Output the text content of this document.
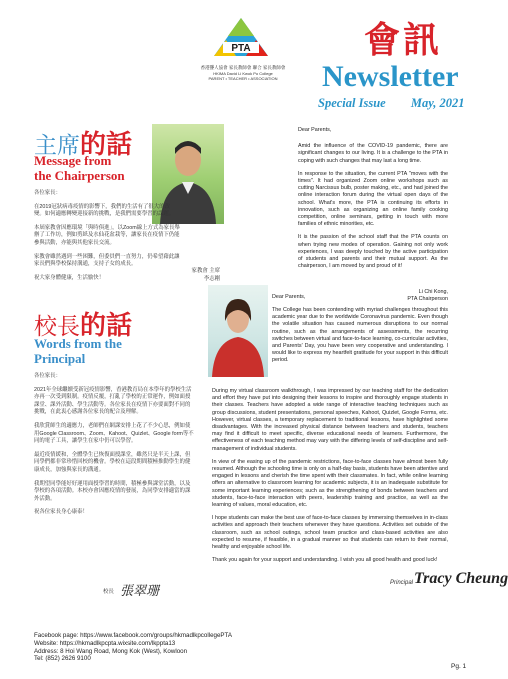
PTA
香港聾人協會 家長教師會 聯合 家長教師會
HKIMA David Li Kwok Po College
PARENT • TEACHER • ASSOCIATION
會訊
Newsletter
Special Issue May, 2021
主席的話
Message from
the Chairperson

各位家長：

在2019冠狀病毒疫情的影響下，我們的生活有了很大的改變。如何適應轉變迎接新的挑戰，是我們需要學習的課題。

本屆家教會因應環境「與時俱進」，以Zoom線上方式為家長舉辦了工作坊，例如剪紙及水仙花盆栽等，讓家長在疫情下仍能參與活動，亦能與其他家長交流。

家教會雖然遇到一些困難，但委員們一直努力，仍希望藉此讓家長們與學校保持溝通，支持子女的成長。

祝大家身體健康，生活愉快！

家教會 主席
李志剛

Dear Parents,

Amid the influence of the COVID-19 pandemic, there are significant changes to our living. It is a challenge to the PTA in coping with such changes that may last a long time.

In response to the situation, the current PTA "moves with the times". It had organized Zoom online workshops such as cutting Narcissus bulb, poster making, etc., and had joined the online interaction forum during the virtual open days of the school. What's more, the PTA is continuing its efforts in innovation, such as organizing an online family cooking competition, online seminars, getting in touch with more families of ethnic minorities, etc.

It is the passion of the school staff that the PTA counts on when trying new modes of operation. Gaining not only work experiences, I was deeply touched by the active participation of students and parents and their mutual support. As the chairperson, I am moved by and proud of it!

Li Chi Kong,
PTA Chairperson
校長的話
Words from the
Principal

各位家長：

2021年全球繼續受新冠疫情影響，香港教育局在本學年的學校生活亦再一次受到限制。疫情反覆，打亂了學校的正常運作，例如面授課堂、課外活動、學生活動等。各位家長在疫情下亦要面對不同的挑戰，在此衷心感謝各位家長的配合及理解。

我欣賞師生的適應力，老師們在網課安排上花了不少心思，例如使用Google Classroom、Zoom、Kahoot、Quizlet、Google form等不同的電子工具，讓學生在家中仍可以學習。

最近疫情緩和，全體學生已恢復面授課堂，雖然只是半天上課，但同學們都非常珍惜回校的機會。學校在這段期間積極推動學生的健康成長，加強與家長的溝通。

我期望同學能好好運用面授學習的時間，積極參與課堂活動，以及學校的各項活動。本校亦會因應疫情的發展，為同學安排適當的課外活動。

祝各位家長身心康泰！

校長 張翠珊

Dear Parents,

The College has been contending with myriad challenges throughout this academic year due to the worldwide Coronavirus pandemic. Even though the volatile situation has caused numerous disruptions to our normal routine, such as the arrangements of assessments, the recurring switches between virtual and face-to-face learning, co-curricular activities, and Parents' Day, you have been very cooperative and understanding. I would like to express my heartfelt gratitude for your support in this difficult period.

During my virtual classroom walkthrough, I was impressed by our teaching staff for the dedication and effort they have put into designing their lessons to inspire and thoroughly engage students in their classes. Teachers have adopted a wide range of interactive teaching techniques such as group discussions, student presentations, personal speeches, Kahoot, Quizlet, Google Forms, etc. However, virtual classes, a temporary replacement to traditional lessons, have highlighted some disadvantages. With the increased physical distance between teachers and students, teachers may find it difficult to meet specific, diverse educational needs of learners. Furthermore, the effectiveness of each teaching method may vary with the differing levels of self-discipline and self-management of individual students.

In view of the easing up of the pandemic restrictions, face-to-face classes have almost been fully resumed. Although the schooling time is only on a half-day basis, students have been attentive and engaged in lessons and cherish the time spent with their classmates. In fact, while online learning offers an alternative to classroom learning for academic subjects, it is an inadequate substitute for some important learning experiences; such as the strengthening of bonds between teachers and students, face-to-face interaction with peers, leadership training and practice, as well as the learning of values, moral education, etc.

I hope students can make the best use of face-to-face classes by immersing themselves in in-class activities and approach their teachers whenever they have questions. Activities set outside of the classroom, such as school outings, school team practice and class-based activities are also expected to resume, if feasible, in a gradual manner so that students can return to their normal, healthy and enjoyable school life.

Thank you again for your support and understanding. I wish you all good health and good luck!

Principal Tracy Cheung
Facebook page: https://www.facebook.com/groups/hkmadlkpcollegePTA
Website: https://hkmadlkpcpta.wixsite.com/lkppta13
Address: 8 Hoi Wang Road, Mong Kok (West), Kowloon
Tel: (852) 2626 9100
Pg. 1
